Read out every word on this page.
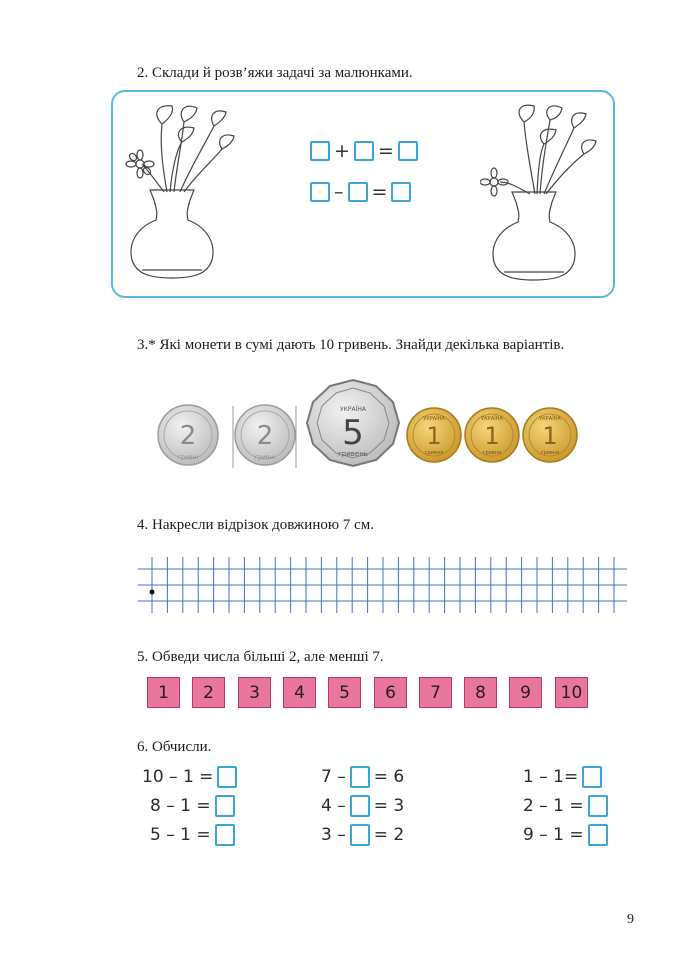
2. Склади й розв’яжи задачі за малюнками.
+ =
– =
3.* Які монети в сумі дають 10 гривень. Знайди декілька варіантів.
2
гривні
2
гривні
УКРАЇНА
5
гривень
УКРАЇНА
1
гривня
УКРАЇНА
1
гривня
УКРАЇНА
1
гривня
4. Накресли відрізок довжиною 7 см.
5. Обведи числа більші 2, але менші 7.
1	2	3	4	5	6	7	8	9	10
6. Обчисли.
10 – 1 =
8 – 1 =
5 – 1 =
7 – = 6
4 – = 3
3 – = 2
1 – 1=
2 – 1 =
9 – 1 =
9
